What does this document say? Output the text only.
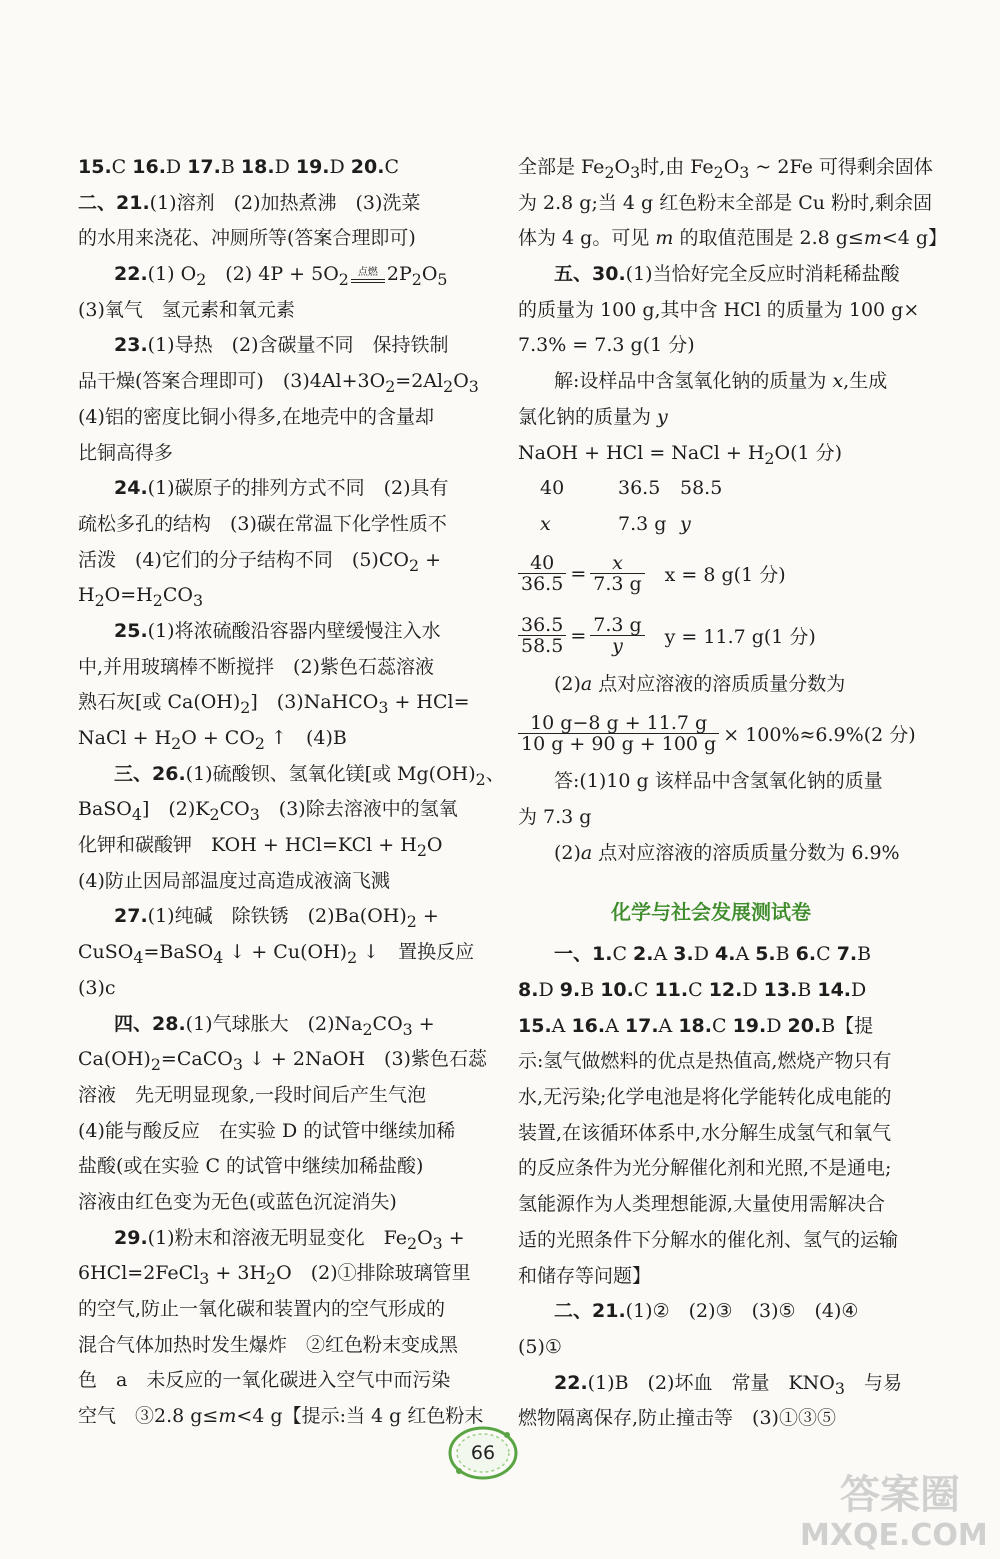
15.C 16.D 17.B 18.D 19.D 20.C
二、21.(1)溶剂　(2)加热煮沸　(3)洗菜
的水用来浇花、冲厕所等(答案合理即可)
22.(1) $O_2$　(2) $4P + 5O_2$ 点燃 $2P_2O_5$
(3)氧气　氢元素和氧元素
23.(1)导热　(2)含碳量不同　保持铁制
品干燥(答案合理即可)　$(3)4Al+3O_2=2Al_2O_3$
(4)铝的密度比铜小得多,在地壳中的含量却
比铜高得多
24.(1)碳原子的排列方式不同　(2)具有
疏松多孔的结构　(3)碳在常温下化学性质不
活泼　(4)它们的分子结构不同　$(5)CO_2$ +
$H_2O=H_2CO_3$
25.(1)将浓硫酸沿容器内壁缓慢注入水
中,并用玻璃棒不断搅拌　(2)紫色石蕊溶液
熟石灰[或 $Ca(OH)_2$]　(3)NaHCO$_3$ + HCl=
NaCl + $H_2O + CO_2$ ↑　(4)B
三、26.(1)硫酸钡、氢氧化镁[或 $Mg(OH)_2$、
BaSO$_4$]　$(2)K_2CO_3$　(3)除去溶液中的氢氧
化钾和碳酸钾　KOH + $HCl=KCl + H_2O$
(4)防止因局部温度过高造成液滴飞溅
27.(1)纯碱　除铁锈　$(2)Ba(OH)_2$ +
CuSO$_4$=BaSO$_4$ ↓ + $Cu(OH)_2$ ↓　置换反应
(3)c
四、28.(1)气球胀大　$(2)Na_2CO_3$ +
$Ca(OH)_2=CaCO_3$ ↓ + 2NaOH　(3)紫色石蕊
溶液　先无明显现象,一段时间后产生气泡
(4)能与酸反应　在实验 D 的试管中继续加稀
盐酸(或在实验 C 的试管中继续加稀盐酸)
溶液由红色变为无色(或蓝色沉淀消失)
29.(1)粉末和溶液无明显变化　$Fe_2O_3$ +
6HCl=2FeCl$_3$ + $3H_2O$　(2)①排除玻璃管里
的空气,防止一氧化碳和装置内的空气形成的
混合气体加热时发生爆炸　②红色粉末变成黑
色　a　未反应的一氧化碳进入空气中而污染
空气　③2.8 g≤m<4 g【提示:当 4 g 红色粉末
全部是 $Fe_2O_3$时,由 $Fe_2O_3$ ~ 2Fe 可得剩余固体
为 2.8 g;当 4 g 红色粉末全部是 Cu 粉时,剩余固
体为 4 g。可见 m 的取值范围是 2.8 g≤m<4 g】
五、30.(1)当恰好完全反应时消耗稀盐酸
的质量为 100 g,其中含 HCl 的质量为 100 g×
7.3% = 7.3 g(1 分)
解:设样品中含氢氧化钠的质量为 x,生成
氯化钠的质量为 y
NaOH + HCl = NaCl + $H_2O(1$ 分)
40	36.5 58.5
x	7.3 g y
$\frac{40}{36.5} = \frac{x}{7.3 g}$ x = 8 g(1 分)
$\frac{36.5}{58.5} = \frac{7.3 g}{y}$ y = 11.7 g(1 分)
(2)a 点对应溶液的溶质质量分数为
$\frac{10 g-8 g + 11.7 g}{10 g + 90 g + 100 g} \times 100\%\approx 6.9\%(2$ 分)
答:(1)10 g 该样品中含氢氧化钠的质量
为 7.3 g
(2)a 点对应溶液的溶质质量分数为 6.9%
化学与社会发展测试卷
一、1.C 2.A 3.D 4.A 5.B 6.C 7.B
8.D 9.B 10.C 11.C 12.D 13.B 14.D
15.A 16.A 17.A 18.C 19.D 20.B【提
示:氢气做燃料的优点是热值高,燃烧产物只有
水,无污染;化学电池是将化学能转化成电能的
装置,在该循环体系中,水分解生成氢气和氧气
的反应条件为光分解催化剂和光照,不是通电;
氢能源作为人类理想能源,大量使用需解决合
适的光照条件下分解水的催化剂、氢气的运输
和储存等问题】
二、21.(1)②　(2)③　(3)⑤　(4)④
(5)①
22.(1)B　(2)坏血　常量　$KNO_3$　与易
燃物隔离保存,防止撞击等　(3)①③⑤
66
答案圈
MXQE.COM
